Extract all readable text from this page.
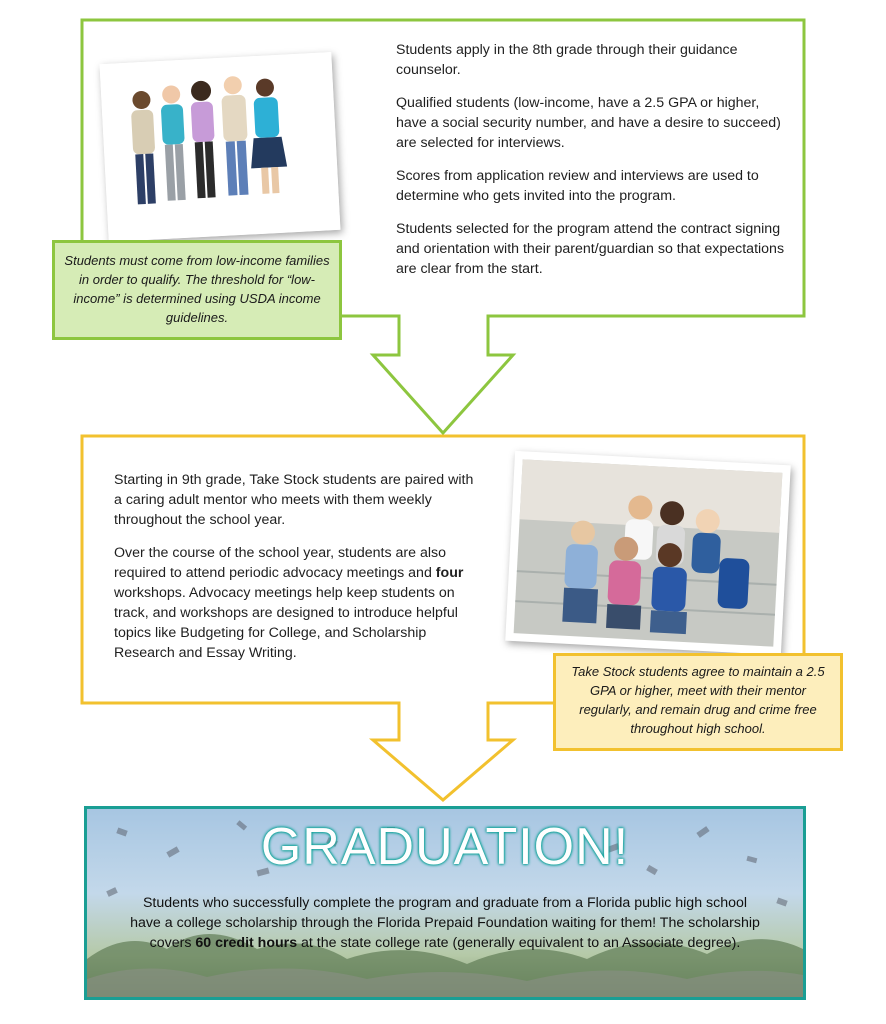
Students apply in the 8th grade through their guidance counselor.

Qualified students (low-income, have a 2.5 GPA or higher, have a social security number, and have a desire to succeed) are selected for interviews.

Scores from application review and interviews are used to determine who gets invited into the program.

Students selected for the program attend the contract signing and orientation with their parent/guardian so that expectations are clear from the start.

Students must come from low-income families in order to qualify. The threshold for “low-income” is determined using USDA income guidelines.

Starting in 9th grade, Take Stock students are paired with a caring adult mentor who meets with them weekly throughout the school year.

Over the course of the school year, students are also required to attend periodic advocacy meetings and four workshops. Advocacy meetings help keep students on track, and workshops are designed to introduce helpful topics like Budgeting for College, and Scholarship Research and Essay Writing.

Take Stock students agree to maintain a 2.5 GPA or higher, meet with their mentor regularly, and remain drug and crime free throughout high school.
GRADUATION!
Students who successfully complete the program and graduate from a Florida public high school have a college scholarship through the Florida Prepaid Foundation waiting for them! The scholarship covers 60 credit hours at the state college rate (generally equivalent to an Associate degree).
